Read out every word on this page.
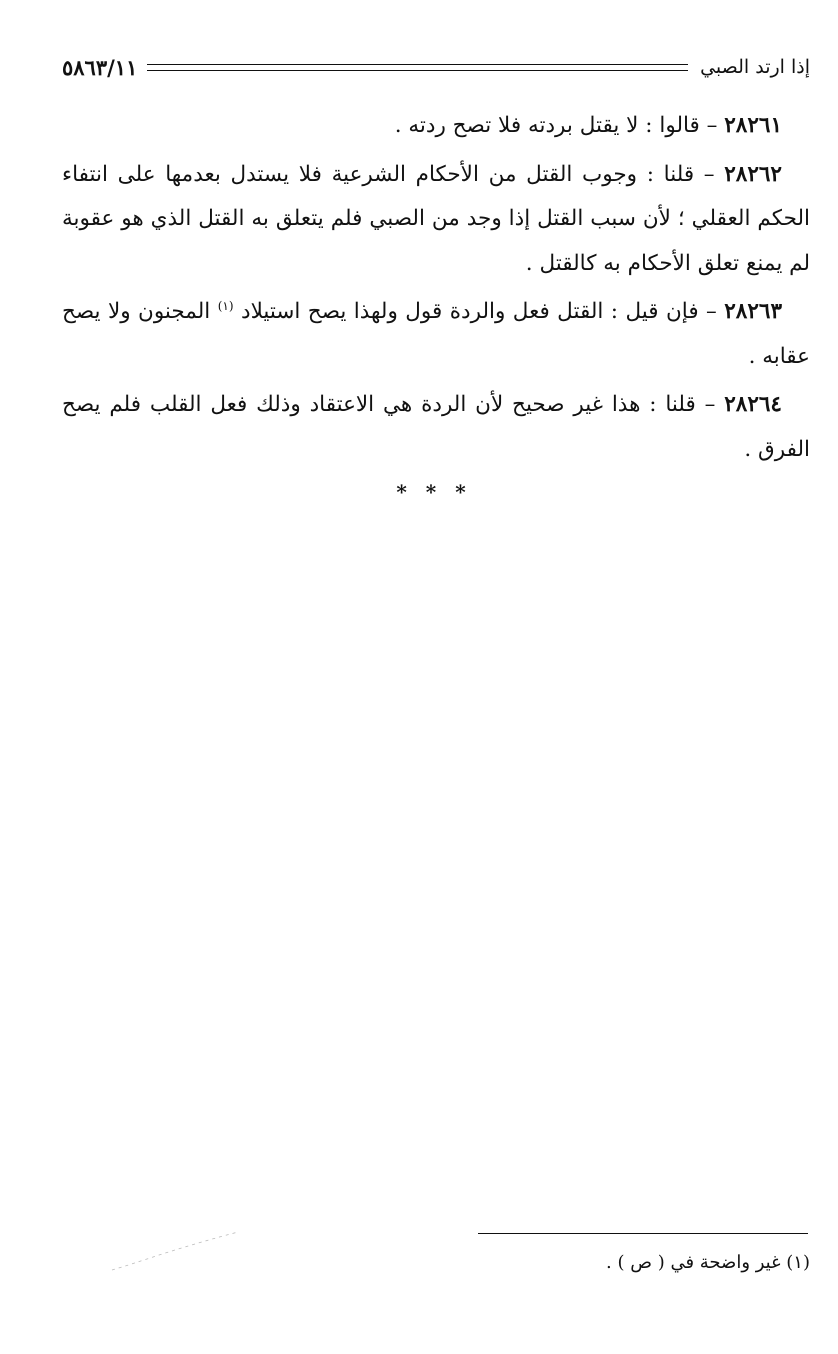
إذا ارتد الصبي
٥٨٦٣/١١

٢٨٢٦١ – قالوا : لا يقتل بردته فلا تصح ردته .

٢٨٢٦٢ – قلنا : وجوب القتل من الأحكام الشرعية فلا يستدل بعدمها على انتفاء الحكم العقلي ؛ لأن سبب القتل إذا وجد من الصبي فلم يتعلق به القتل الذي هو عقوبة لم يمنع تعلق الأحكام به كالقتل .

٢٨٢٦٣ – فإن قيل : القتل فعل والردة قول ولهذا يصح استيلاد $^{(١)}$ المجنون ولا يصح عقابه .

٢٨٢٦٤ – قلنا : هذا غير صحيح لأن الردة هي الاعتقاد وذلك فعل القلب فلم يصح الفرق .

* * *
(١) غير واضحة في ( ص ) .
